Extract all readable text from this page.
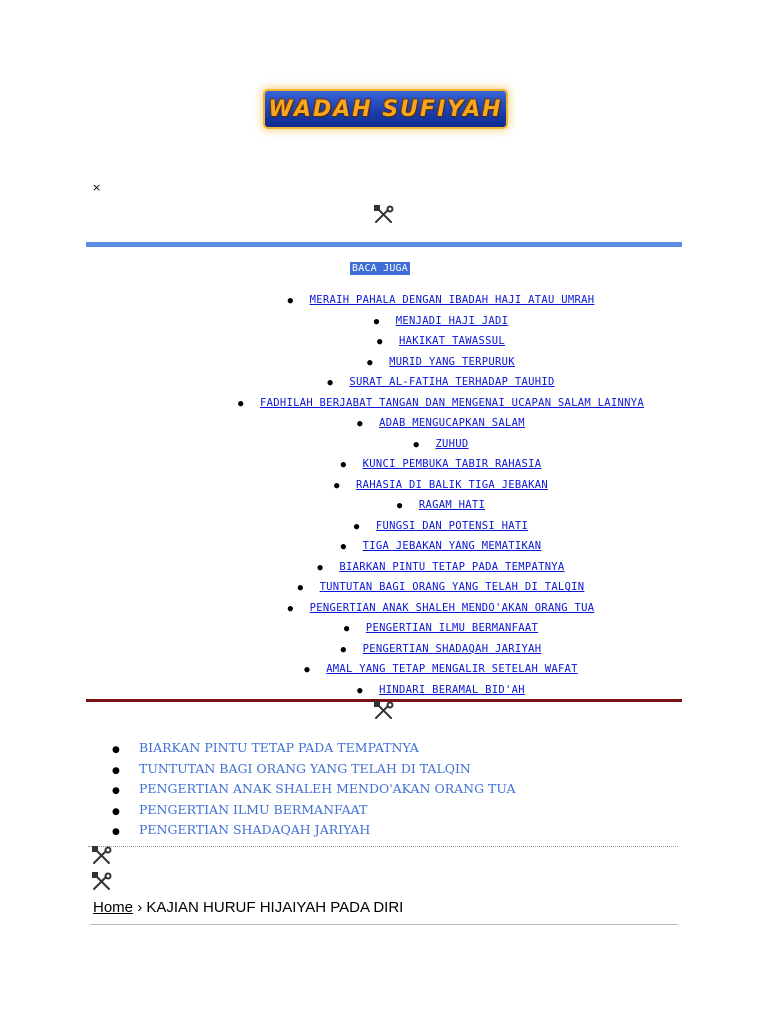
WADAH SUFIYAH
×
BACA JUGA
● MERAIH PAHALA DENGAN IBADAH HAJI ATAU UMRAH
● MENJADI HAJI JADI
● HAKIKAT TAWASSUL
● MURID YANG TERPURUK
● SURAT AL-FATIHA TERHADAP TAUHID
● FADHILAH BERJABAT TANGAN DAN MENGENAI UCAPAN SALAM LAINNYA
● ADAB MENGUCAPKAN SALAM
● ZUHUD
● KUNCI PEMBUKA TABIR RAHASIA
● RAHASIA DI BALIK TIGA JEBAKAN
● RAGAM HATI
● FUNGSI DAN POTENSI HATI
● TIGA JEBAKAN YANG MEMATIKAN
● BIARKAN PINTU TETAP PADA TEMPATNYA
● TUNTUTAN BAGI ORANG YANG TELAH DI TALQIN
● PENGERTIAN ANAK SHALEH MENDO'AKAN ORANG TUA
● PENGERTIAN ILMU BERMANFAAT
● PENGERTIAN SHADAQAH JARIYAH
● AMAL YANG TETAP MENGALIR SETELAH WAFAT
● HINDARI BERAMAL BID'AH
● BIARKAN PINTU TETAP PADA TEMPATNYA
● TUNTUTAN BAGI ORANG YANG TELAH DI TALQIN
● PENGERTIAN ANAK SHALEH MENDO'AKAN ORANG TUA
● PENGERTIAN ILMU BERMANFAAT
● PENGERTIAN SHADAQAH JARIYAH
Home › KAJIAN HURUF HIJAIYAH PADA DIRI
